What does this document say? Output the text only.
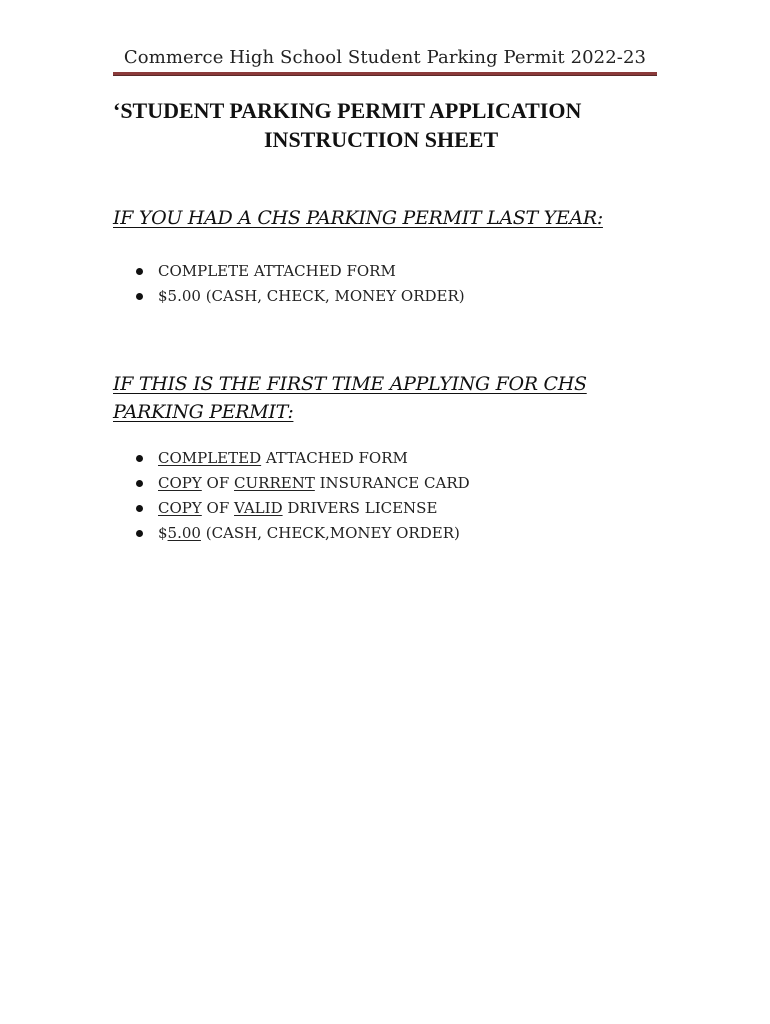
Commerce High School Student Parking Permit 2022-23
‘STUDENT PARKING PERMIT APPLICATION
INSTRUCTION SHEET
IF YOU HAD A CHS PARKING PERMIT LAST YEAR:
COMPLETE ATTACHED FORM
$5.00 (CASH, CHECK, MONEY ORDER)
IF THIS IS THE FIRST TIME APPLYING FOR CHS PARKING PERMIT:
COMPLETED ATTACHED FORM
COPY OF CURRENT INSURANCE CARD
COPY OF VALID DRIVERS LICENSE
$5.00 (CASH, CHECK,MONEY ORDER)
